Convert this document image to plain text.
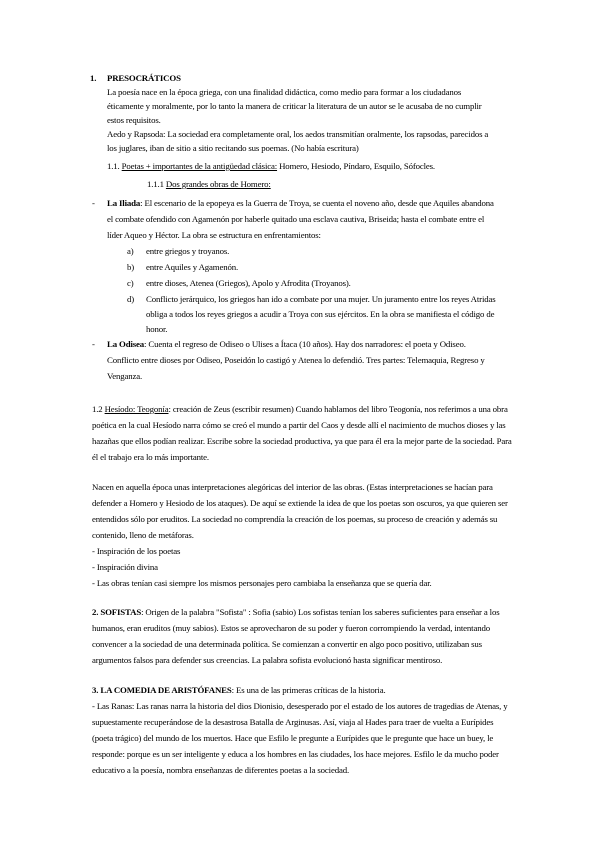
1. PRESOCRÁTICOS
La poesía nace en la época griega, con una finalidad didáctica, como medio para formar a los ciudadanos
éticamente y moralmente, por lo tanto la manera de criticar la literatura de un autor se le acusaba de no cumplir
estos requisitos.
Aedo y Rapsoda: La sociedad era completamente oral, los aedos transmitían oralmente, los rapsodas, parecidos a
los juglares, iban de sitio a sitio recitando sus poemas. (No había escritura)
1.1. Poetas + importantes de la antigüedad clásica: Homero, Hesiodo, Píndaro, Esquilo, Sófocles.
1.1.1 Dos grandes obras de Homero:
- La Iliada: El escenario de la epopeya es la Guerra de Troya, se cuenta el noveno año, desde que Aquiles abandona
el combate ofendido con Agamenón por haberle quitado una esclava cautiva, Briseida; hasta el combate entre el
líder Aqueo y Héctor. La obra se estructura en enfrentamientos:
a) entre griegos y troyanos.
b) entre Aquiles y Agamenón.
c) entre dioses, Atenea (Griegos), Apolo y Afrodita (Troyanos).
d) Conflicto jerárquico, los griegos han ido a combate por una mujer. Un juramento entre los reyes Atridas
obliga a todos los reyes griegos a acudir a Troya con sus ejércitos. En la obra se manifiesta el código de
honor.
- La Odisea: Cuenta el regreso de Odiseo o Ulises a Ítaca (10 años). Hay dos narradores: el poeta y Odiseo.
Conflicto entre dioses por Odiseo, Poseidón lo castigó y Atenea lo defendió. Tres partes: Telemaquia, Regreso y
Venganza.
1.2 Hesíodo: Teogonía: creación de Zeus (escribir resumen) Cuando hablamos del libro Teogonía, nos referimos a una obra
poética en la cual Hesíodo narra cómo se creó el mundo a partir del Caos y desde allí el nacimiento de muchos dioses y las
hazañas que ellos podían realizar. Escribe sobre la sociedad productiva, ya que para él era la mejor parte de la sociedad. Para
él el trabajo era lo más importante.
Nacen en aquella época unas interpretaciones alegóricas del interior de las obras. (Estas interpretaciones se hacían para
defender a Homero y Hesiodo de los ataques). De aquí se extiende la idea de que los poetas son oscuros, ya que quieren ser
entendidos sólo por eruditos. La sociedad no comprendía la creación de los poemas, su proceso de creación y además su
contenido, lleno de metáforas.
- Inspiración de los poetas
- Inspiración divina
- Las obras tenían casi siempre los mismos personajes pero cambiaba la enseñanza que se quería dar.
2. SOFISTAS: Origen de la palabra "Sofista" : Sofia (sabio) Los sofistas tenían los saberes suficientes para enseñar a los
humanos, eran eruditos (muy sabios). Estos se aprovecharon de su poder y fueron corrompiendo la verdad, intentando
convencer a la sociedad de una determinada política. Se comienzan a convertir en algo poco positivo, utilizaban sus
argumentos falsos para defender sus creencias. La palabra sofista evolucionó hasta significar mentiroso.
3. LA COMEDIA DE ARISTÓFANES: Es una de las primeras críticas de la historia.
- Las Ranas: Las ranas narra la historia del dios Dionisio, desesperado por el estado de los autores de tragedias de Atenas, y
supuestamente recuperándose de la desastrosa Batalla de Arginusas. Así, viaja al Hades para traer de vuelta a Eurípides
(poeta trágico) del mundo de los muertos. Hace que Esfilo le pregunte a Eurípides que le pregunte que hace un buey, le
responde: porque es un ser inteligente y educa a los hombres en las ciudades, los hace mejores. Esfilo le da mucho poder
educativo a la poesía, nombra enseñanzas de diferentes poetas a la sociedad.
